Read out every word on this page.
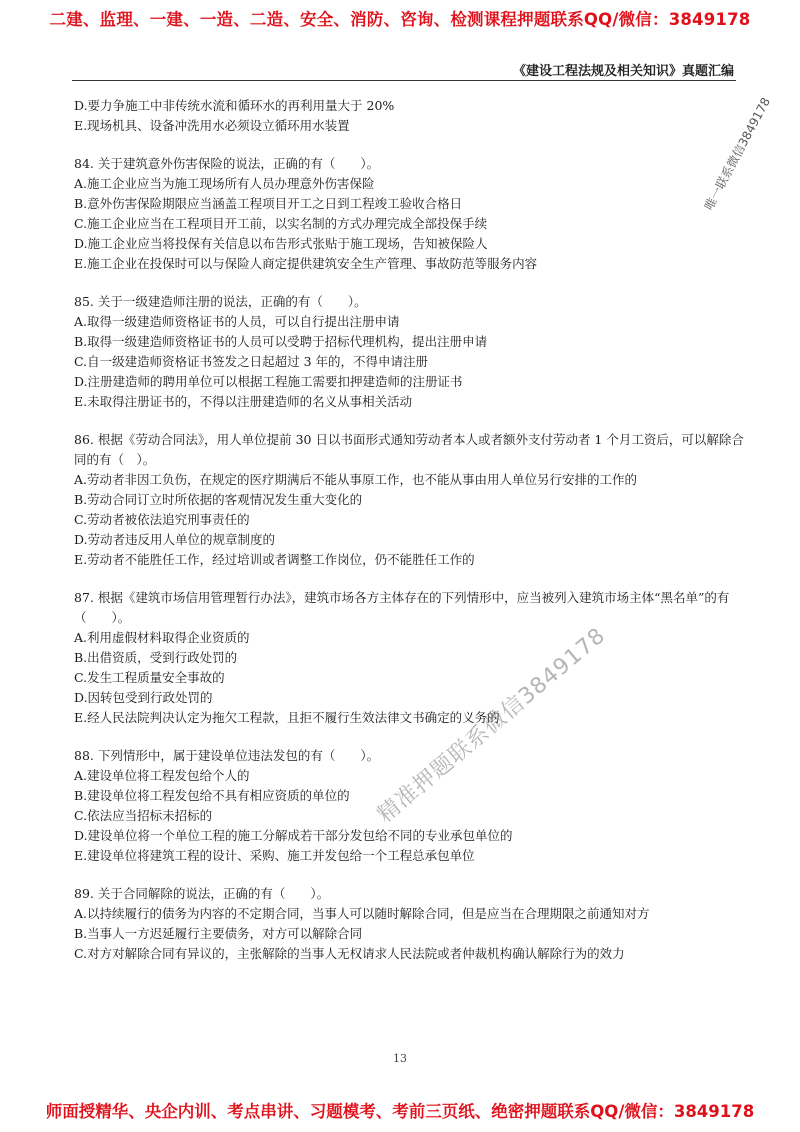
二建、监理、一建、一造、二造、安全、消防、咨询、检测课程押题联系QQ/微信：3849178
《建设工程法规及相关知识》真题汇编
D.要力争施工中非传统水流和循环水的再利用量大于 20%
E.现场机具、设备冲洗用水必须设立循环用水装置
84. 关于建筑意外伤害保险的说法，正确的有（　　）。
A.施工企业应当为施工现场所有人员办理意外伤害保险
B.意外伤害保险期限应当涵盖工程项目开工之日到工程竣工验收合格日
C.施工企业应当在工程项目开工前，以实名制的方式办理完成全部投保手续
D.施工企业应当将投保有关信息以布告形式张贴于施工现场，告知被保险人
E.施工企业在投保时可以与保险人商定提供建筑安全生产管理、事故防范等服务内容
85. 关于一级建造师注册的说法，正确的有（　　）。
A.取得一级建造师资格证书的人员，可以自行提出注册申请
B.取得一级建造师资格证书的人员可以受聘于招标代理机构，提出注册申请
C.自一级建造师资格证书签发之日起超过 3 年的，不得申请注册
D.注册建造师的聘用单位可以根据工程施工需要扣押建造师的注册证书
E.未取得注册证书的，不得以注册建造师的名义从事相关活动
86. 根据《劳动合同法》，用人单位提前 30 日以书面形式通知劳动者本人或者额外支付劳动者 1 个月工资后，可以解除合同的有（　）。
A.劳动者非因工负伤，在规定的医疗期满后不能从事原工作，也不能从事由用人单位另行安排的工作的
B.劳动合同订立时所依据的客观情况发生重大变化的
C.劳动者被依法追究刑事责任的
D.劳动者违反用人单位的规章制度的
E.劳动者不能胜任工作，经过培训或者调整工作岗位，仍不能胜任工作的
87. 根据《建筑市场信用管理暂行办法》，建筑市场各方主体存在的下列情形中，应当被列入建筑市场主体“黑名单”的有（　　）。
A.利用虚假材料取得企业资质的
B.出借资质，受到行政处罚的
C.发生工程质量安全事故的
D.因转包受到行政处罚的
E.经人民法院判决认定为拖欠工程款，且拒不履行生效法律文书确定的义务的
88. 下列情形中，属于建设单位违法发包的有（　　）。
A.建设单位将工程发包给个人的
B.建设单位将工程发包给不具有相应资质的单位的
C.依法应当招标未招标的
D.建设单位将一个单位工程的施工分解成若干部分发包给不同的专业承包单位的
E.建设单位将建筑工程的设计、采购、施工并发包给一个工程总承包单位
89. 关于合同解除的说法，正确的有（　　）。
A.以持续履行的债务为内容的不定期合同，当事人可以随时解除合同，但是应当在合理期限之前通知对方
B.当事人一方迟延履行主要债务，对方可以解除合同
C.对方对解除合同有异议的，主张解除的当事人无权请求人民法院或者仲裁机构确认解除行为的效力
唯一联系微信3849178
精准押题联系微信3849178
13
师面授精华、央企内训、考点串讲、习题模考、考前三页纸、绝密押题联系QQ/微信：3849178
